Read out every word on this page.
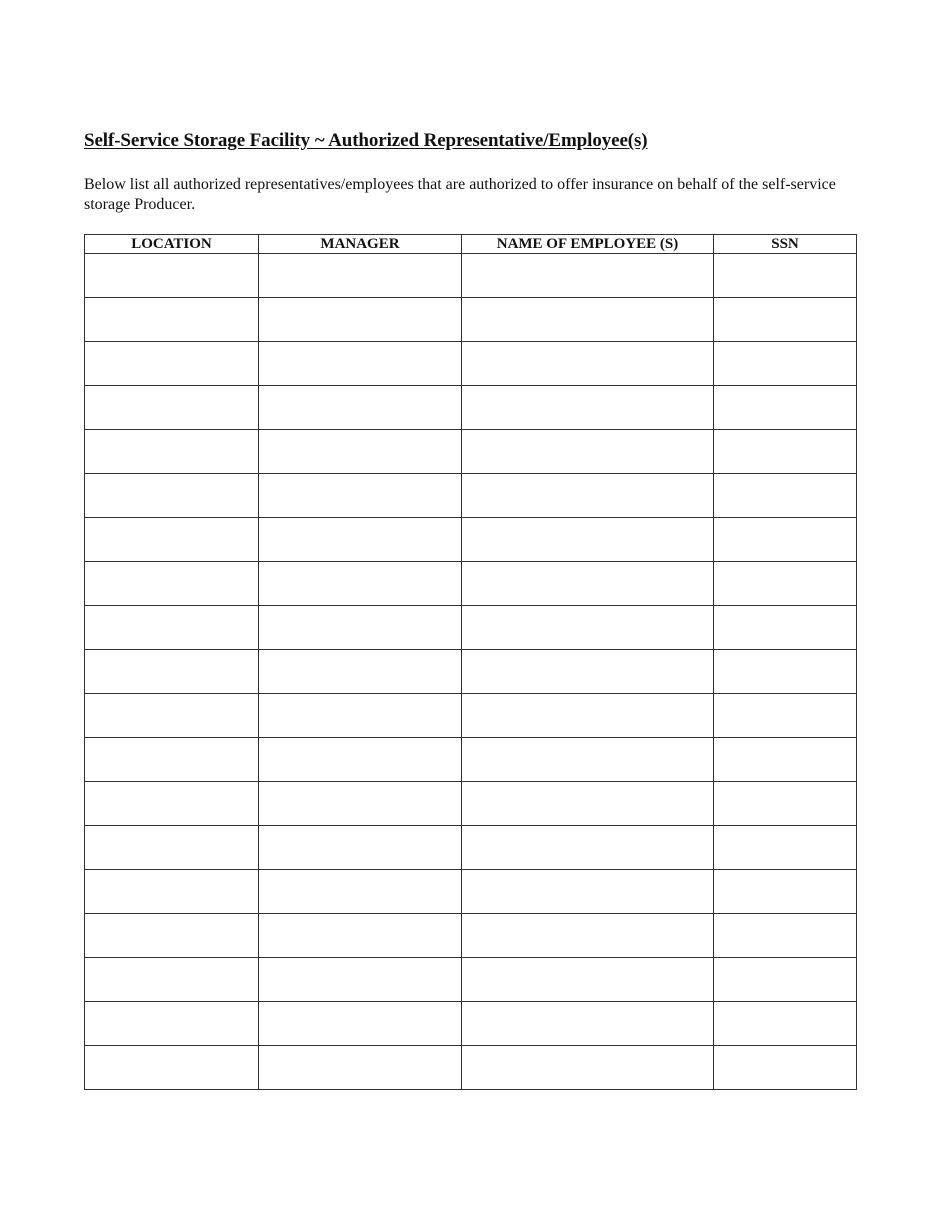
Self-Service Storage Facility ~ Authorized Representative/Employee(s)

Below list all authorized representatives/employees that are authorized to offer insurance on behalf of the self-service storage Producer.

LOCATION	MANAGER	NAME OF EMPLOYEE (S)	SSN
